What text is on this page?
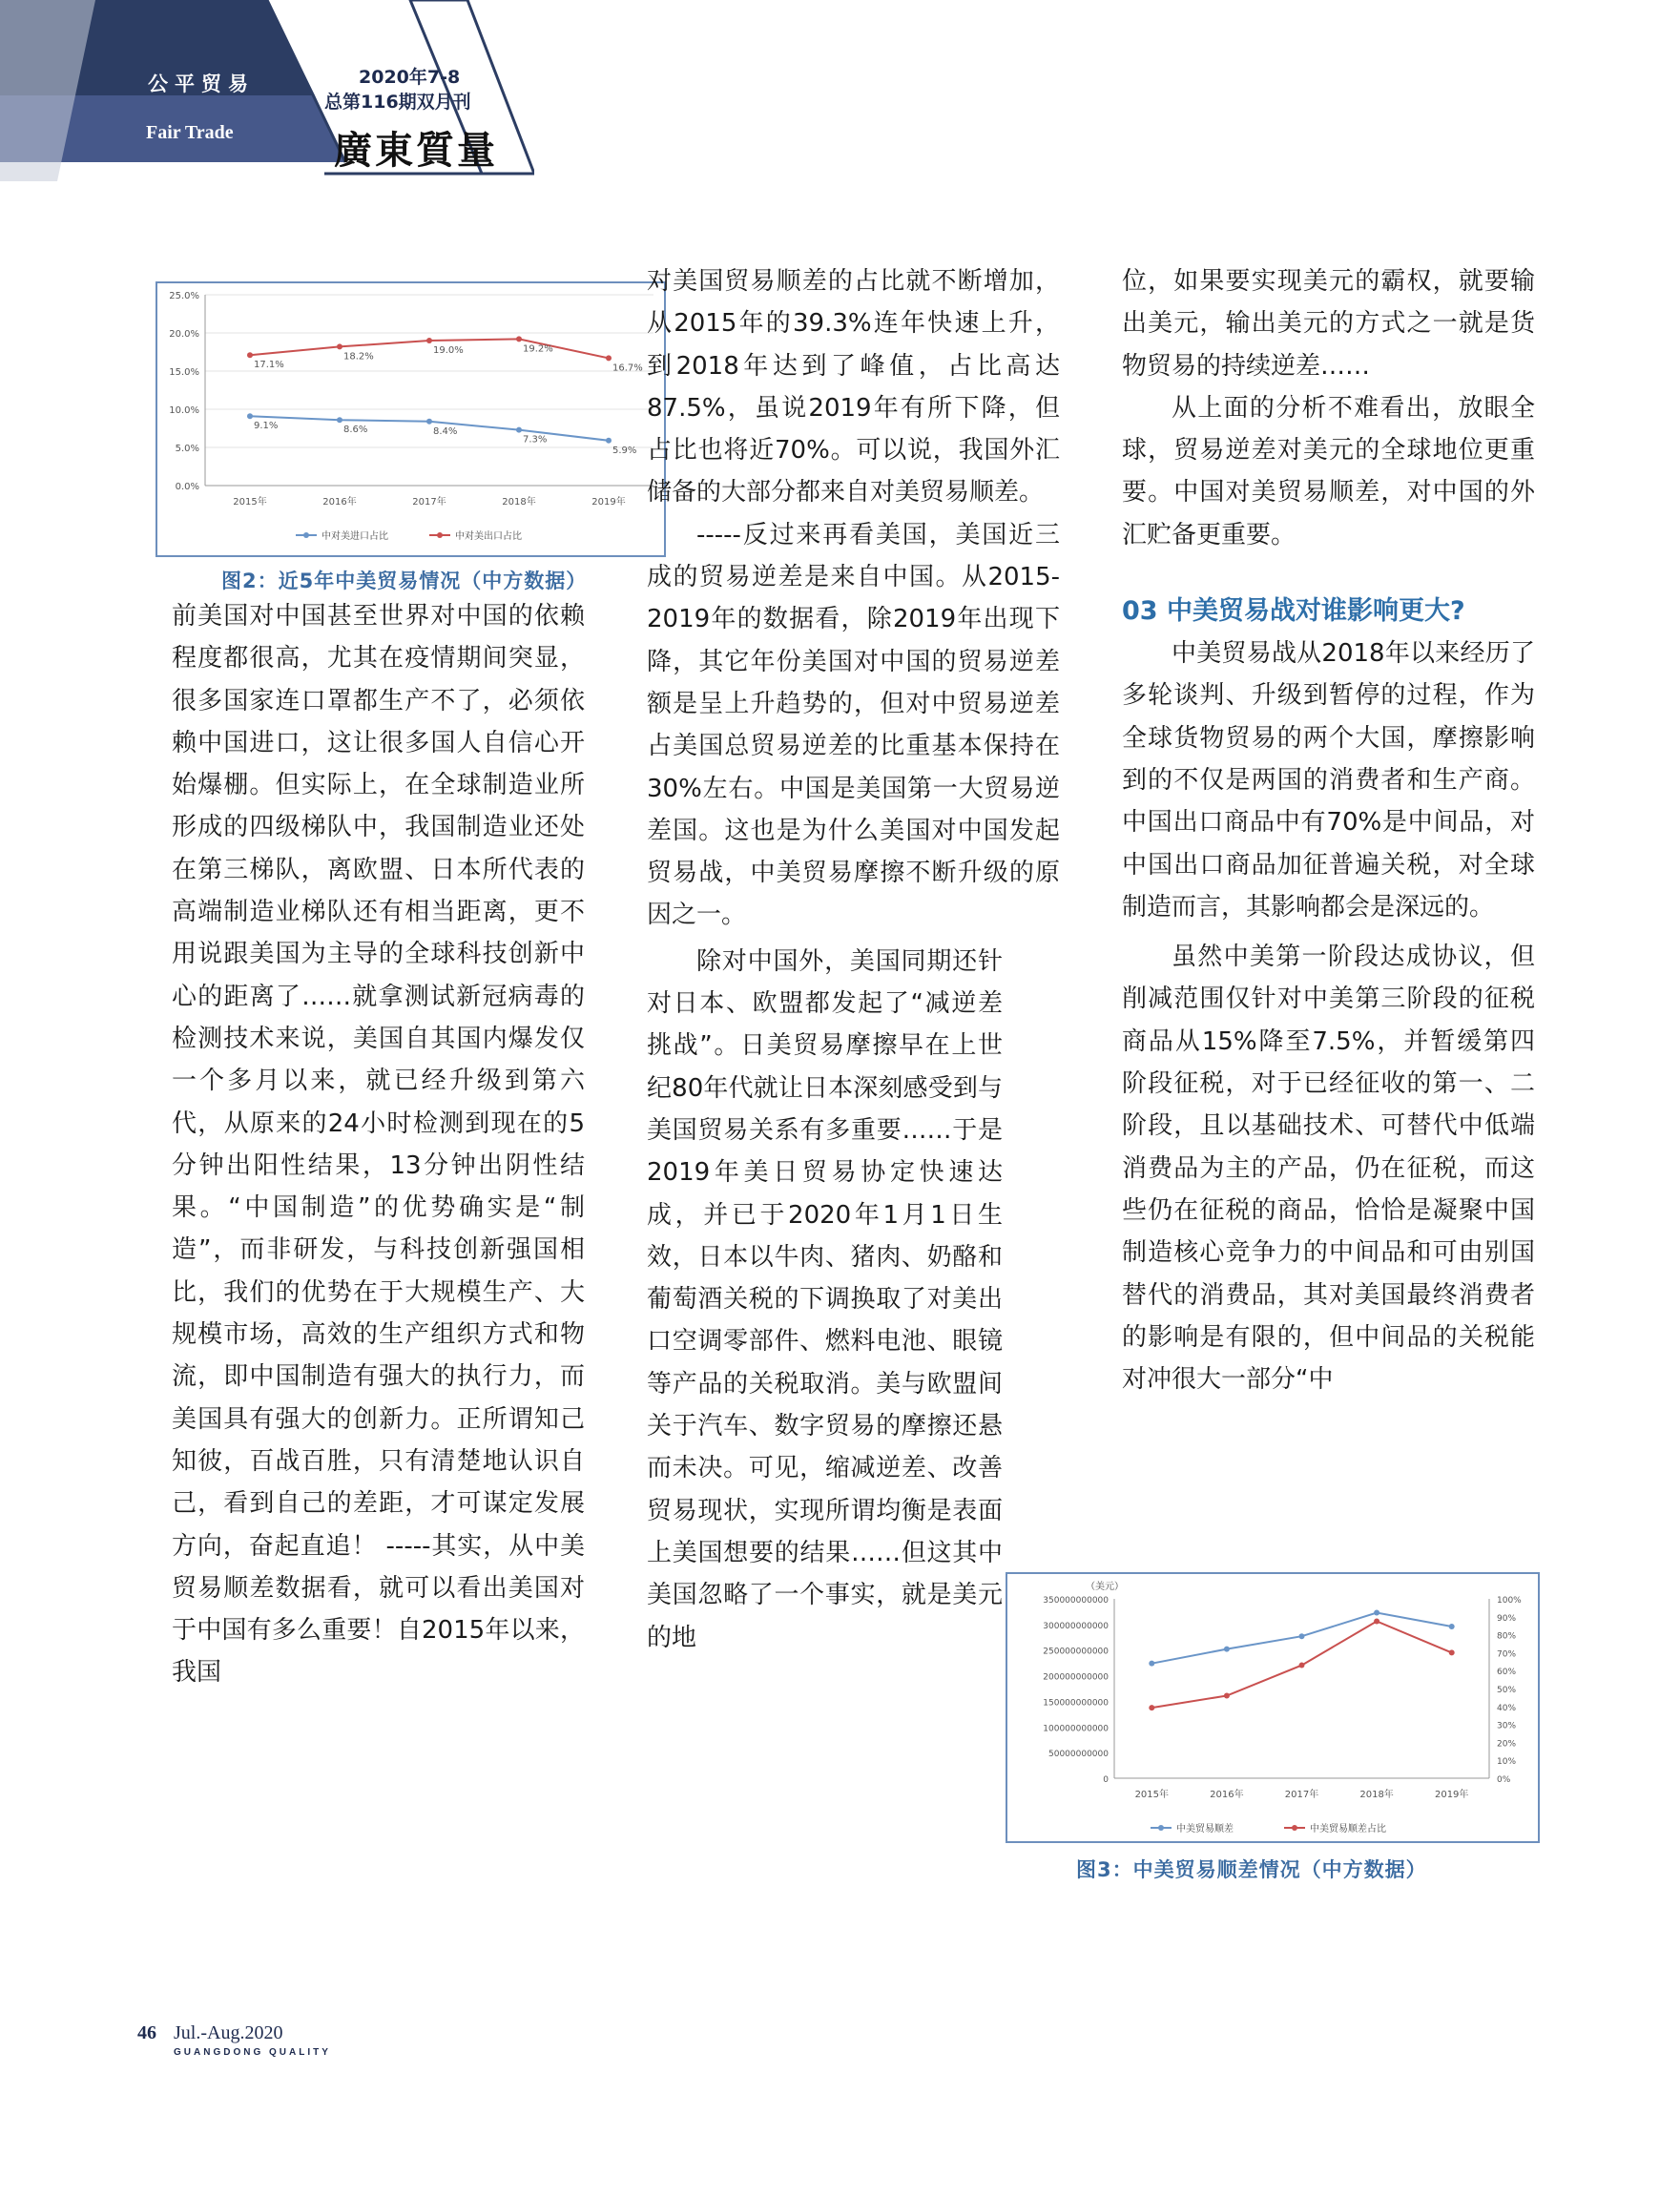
公平贸易
Fair Trade
2020年7-8
总第116期双月刊
廣東質量
0.0%
5.0%
10.0%
15.0%
20.0%
25.0%
2015年	2016年	2017年	2018年	2019年
9.1%	8.6%	8.4%
7.3%
5.9%
中对美进口占比
17.1%
18.2%
19.0%	19.2%
16.7%
中对美出口占比
图2：近5年中美贸易情况（中方数据）

前美国对中国甚至世界对中国的依赖程度都很高，尤其在疫情期间突显，很多国家连口罩都生产不了，必须依赖中国进口，这让很多国人自信心开始爆棚。但实际上，在全球制造业所形成的四级梯队中，我国制造业还处在第三梯队，离欧盟、日本所代表的高端制造业梯队还有相当距离，更不用说跟美国为主导的全球科技创新中心的距离了……就拿测试新冠病毒的检测技术来说，美国自其国内爆发仅一个多月以来，就已经升级到第六代，从原来的24小时检测到现在的5分钟出阳性结果，13分钟出阴性结果。“中国制造”的优势确实是“制造”，而非研发，与科技创新强国相比，我们的优势在于大规模生产、大规模市场，高效的生产组织方式和物流，即中国制造有强大的执行力，而美国具有强大的创新力。正所谓知己知彼，百战百胜，只有清楚地认识自己，看到自己的差距，才可谋定发展方向，奋起直追！ -----其实，从中美贸易顺差数据看，就可以看出美国对于中国有多么重要！自2015年以来，我国

对美国贸易顺差的占比就不断增加，从2015年的39.3%连年快速上升，到2018年达到了峰值，占比高达87.5%，虽说2019年有所下降，但占比也将近70%。可以说，我国外汇储备的大部分都来自对美贸易顺差。

-----反过来再看美国，美国近三成的贸易逆差是来自中国。从2015-2019年的数据看，除2019年出现下降，其它年份美国对中国的贸易逆差额是呈上升趋势的，但对中贸易逆差占美国总贸易逆差的比重基本保持在30%左右。中国是美国第一大贸易逆差国。这也是为什么美国对中国发起贸易战，中美贸易摩擦不断升级的原因之一。

除对中国外，美国同期还针对日本、欧盟都发起了“减逆差挑战”。日美贸易摩擦早在上世纪80年代就让日本深刻感受到与美国贸易关系有多重要……于是2019年美日贸易协定快速达成，并已于2020年1月1日生效，日本以牛肉、猪肉、奶酪和葡萄酒关税的下调换取了对美出口空调零部件、燃料电池、眼镜等产品的关税取消。美与欧盟间关于汽车、数字贸易的摩擦还悬而未决。可见，缩减逆差、改善贸易现状，实现所谓均衡是表面上美国想要的结果……但这其中美国忽略了一个事实，就是美元的地

位，如果要实现美元的霸权，就要输出美元，输出美元的方式之一就是货物贸易的持续逆差……

从上面的分析不难看出，放眼全球，贸易逆差对美元的全球地位更重要。中国对美贸易顺差，对中国的外汇贮备更重要。

03 中美贸易战对谁影响更大?

中美贸易战从2018年以来经历了多轮谈判、升级到暂停的过程，作为全球货物贸易的两个大国，摩擦影响到的不仅是两国的消费者和生产商。中国出口商品中有70%是中间品，对中国出口商品加征普遍关税，对全球制造而言，其影响都会是深远的。

虽然中美第一阶段达成协议，但削减范围仅针对中美第三阶段的征税商品从15%降至7.5%，并暂缓第四阶段征税，对于已经征收的第一、二阶段，且以基础技术、可替代中低端消费品为主的产品，仍在征税，而这些仍在征税的商品，恰恰是凝聚中国制造核心竞争力的中间品和可由别国替代的消费品，其对美国最终消费者的影响是有限的，但中间品的关税能对冲很大一部分“中

（美元）
0
50000000000
100000000000
150000000000
200000000000
250000000000
300000000000
350000000000
0%
10%
20%
30%
40%
50%
60%
70%
80%
90%
100%
2015年	2016年	2017年	2018年	2019年
中美贸易顺差	中美贸易顺差占比
图3：中美贸易顺差情况（中方数据）
46 Jul.-Aug.2020
GUANGDONG QUALITY
